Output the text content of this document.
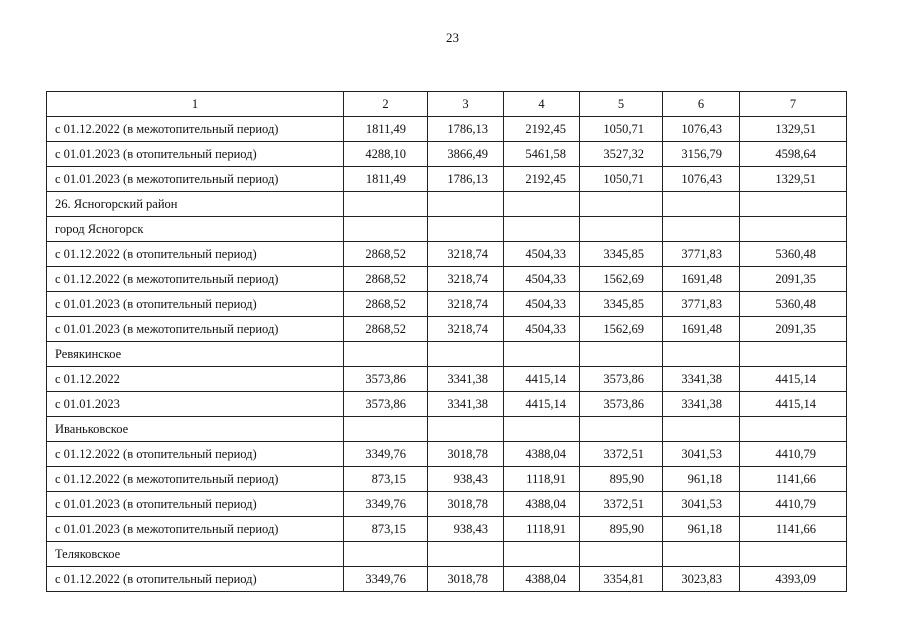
23
1	2	3	4	5	6	7
с 01.12.2022 (в межотопительный период)	1811,49	1786,13	2192,45	1050,71	1076,43	1329,51
с 01.01.2023 (в отопительный период)	4288,10	3866,49	5461,58	3527,32	3156,79	4598,64
с 01.01.2023 (в межотопительный период)	1811,49	1786,13	2192,45	1050,71	1076,43	1329,51
26. Ясногорский район						
город Ясногорск						
с 01.12.2022 (в отопительный период)	2868,52	3218,74	4504,33	3345,85	3771,83	5360,48
с 01.12.2022 (в межотопительный период)	2868,52	3218,74	4504,33	1562,69	1691,48	2091,35
с 01.01.2023 (в отопительный период)	2868,52	3218,74	4504,33	3345,85	3771,83	5360,48
с 01.01.2023 (в межотопительный период)	2868,52	3218,74	4504,33	1562,69	1691,48	2091,35
Ревякинское						
с 01.12.2022	3573,86	3341,38	4415,14	3573,86	3341,38	4415,14
с 01.01.2023	3573,86	3341,38	4415,14	3573,86	3341,38	4415,14
Иваньковское						
с 01.12.2022 (в отопительный период)	3349,76	3018,78	4388,04	3372,51	3041,53	4410,79
с 01.12.2022 (в межотопительный период)	873,15	938,43	1118,91	895,90	961,18	1141,66
с 01.01.2023 (в отопительный период)	3349,76	3018,78	4388,04	3372,51	3041,53	4410,79
с 01.01.2023 (в межотопительный период)	873,15	938,43	1118,91	895,90	961,18	1141,66
Теляковское						
с 01.12.2022 (в отопительный период)	3349,76	3018,78	4388,04	3354,81	3023,83	4393,09
